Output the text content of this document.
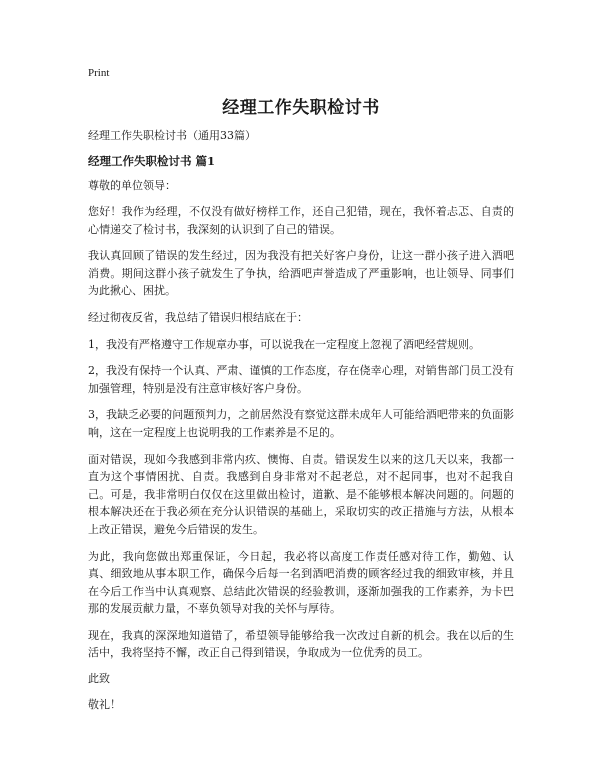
Print
经理工作失职检讨书
经理工作失职检讨书（通用33篇）
经理工作失职检讨书 篇1
尊敬的单位领导：

您好！我作为经理，不仅没有做好榜样工作，还自己犯错，现在，我怀着忐忑、自责的心情递交了检讨书，我深刻的认识到了自己的错误。

我认真回顾了错误的发生经过，因为我没有把关好客户身份，让这一群小孩子进入酒吧消费。期间这群小孩子就发生了争执，给酒吧声誉造成了严重影响，也让领导、同事们为此揪心、困扰。

经过彻夜反省，我总结了错误归根结底在于：

1，我没有严格遵守工作规章办事，可以说我在一定程度上忽视了酒吧经营规则。

2，我没有保持一个认真、严肃、谨慎的工作态度，存在侥幸心理，对销售部门员工没有加强管理，特别是没有注意审核好客户身份。

3，我缺乏必要的问题预判力，之前居然没有察觉这群未成年人可能给酒吧带来的负面影响，这在一定程度上也说明我的工作素养是不足的。

面对错误，现如今我感到非常内疚、懊悔、自责。错误发生以来的这几天以来，我都一直为这个事情困扰、自责。我感到自身非常对不起老总，对不起同事，也对不起我自己。可是，我非常明白仅仅在这里做出检讨，道歉、是不能够根本解决问题的。问题的根本解决还在于我必须在充分认识错误的基础上，采取切实的改正措施与方法，从根本上改正错误，避免今后错误的发生。

为此，我向您做出郑重保证，今日起，我必将以高度工作责任感对待工作，勤勉、认真、细致地从事本职工作，确保今后每一名到酒吧消费的顾客经过我的细致审核，并且在今后工作当中认真观察、总结此次错误的经验教训，逐渐加强我的工作素养，为卡巴那的发展贡献力量，不辜负领导对我的关怀与厚待。

现在，我真的深深地知道错了，希望领导能够给我一次改过自新的机会。我在以后的生活中，我将坚持不懈，改正自己得到错误，争取成为一位优秀的员工。

此致
敬礼！
